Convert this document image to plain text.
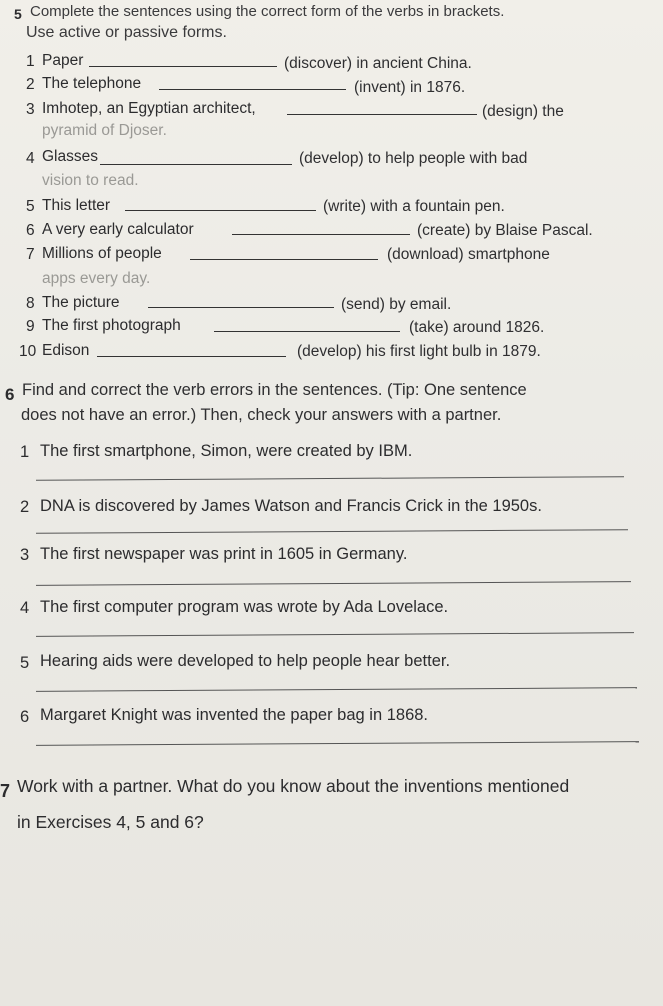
5 Complete the sentences using the correct form of the verbs in brackets.
Use active or passive forms.
1 Paper	(discover) in ancient China.
2 The telephone	(invent) in 1876.
3 Imhotep, an Egyptian architect,	(design) the
pyramid of Djoser.
4 Glasses	(develop) to help people with bad
vision to read.
5 This letter	(write) with a fountain pen.
6 A very early calculator	(create) by Blaise Pascal.
7 Millions of people	(download) smartphone
apps every day.
8 The picture	(send) by email.
9 The first photograph	(take) around 1826.
10 Edison	(develop) his first light bulb in 1879.
6 Find and correct the verb errors in the sentences. (Tip: One sentence
does not have an error.) Then, check your answers with a partner.
1 The first smartphone, Simon, were created by IBM.
2 DNA is discovered by James Watson and Francis Crick in the 1950s.
3 The first newspaper was print in 1605 in Germany.
4 The first computer program was wrote by Ada Lovelace.
5 Hearing aids were developed to help people hear better.
6 Margaret Knight was invented the paper bag in 1868.
7 Work with a partner. What do you know about the inventions mentioned
in Exercises 4, 5 and 6?
